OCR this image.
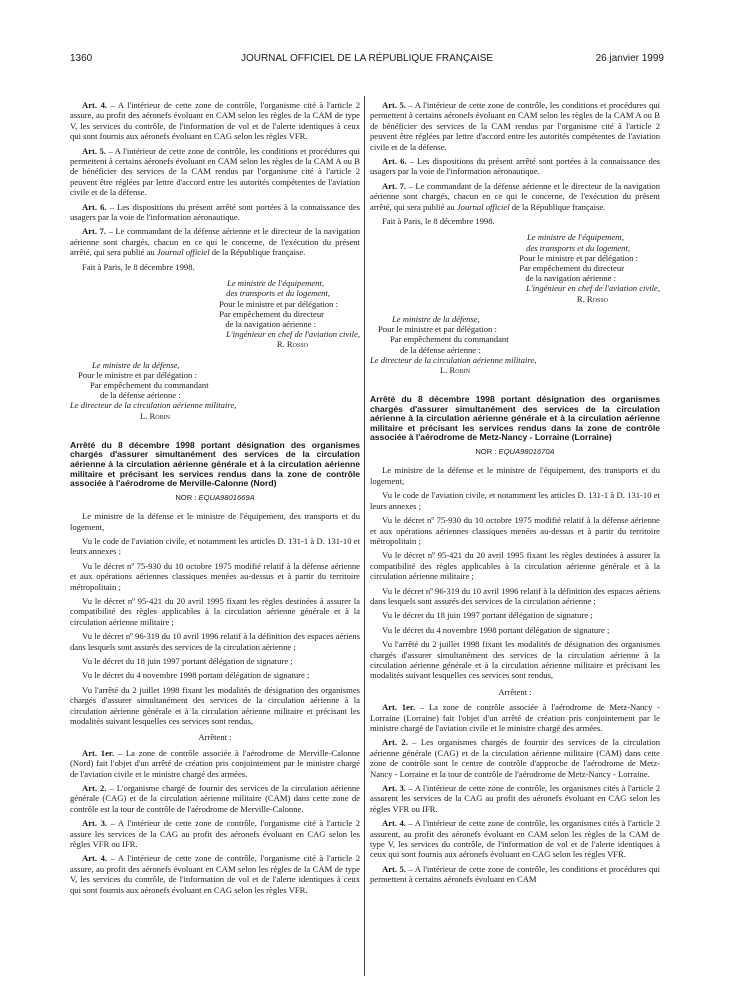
1360	JOURNAL OFFICIEL DE LA RÉPUBLIQUE FRANÇAISE	26 janvier 1999

Art. 4. – A l'intérieur de cette zone de contrôle, l'organisme cité à l'article 2 assure, au profit des aéronefs évoluant en CAM selon les règles de la CAM de type V, les services du contrôle, de l'information de vol et de l'alerte identiques à ceux qui sont fournis aux aéronefs évoluant en CAG selon les règles VFR.

Art. 5. – A l'intérieur de cette zone de contrôle, les conditions et procédures qui permettent à certains aéronefs évoluant en CAM selon les règles de la CAM A ou B de bénéficier des services de la CAM rendus par l'organisme cité à l'article 2 peuvent être réglées par lettre d'accord entre les autorités compétentes de l'aviation civile et de la défense.

Art. 6. – Les dispositions du présent arrêté sont portées à la connaissance des usagers par la voie de l'information aéronautique.

Art. 7. – Le commandant de la défense aérienne et le directeur de la navigation aérienne sont chargés, chacun en ce qui le concerne, de l'exécution du présent arrêté, qui sera publié au Journal officiel de la République française.

Fait à Paris, le 8 décembre 1998.

Le ministre de l'équipement,
des transports et du logement,
Pour le ministre et par délégation :
Par empêchement du directeur
de la navigation aérienne :
L'ingénieur en chef de l'aviation civile,
R. Rosso
Le ministre de la défense,
Pour le ministre et par délégation :
Par empêchement du commandant
de la défense aérienne :
Le directeur de la circulation aérienne militaire,
L. Robin
Arrêté du 8 décembre 1998 portant désignation des organismes chargés d'assurer simultanément des services de la circulation aérienne à la circulation aérienne générale et à la circulation aérienne militaire et précisant les services rendus dans la zone de contrôle associée à l'aérodrome de Merville-Calonne (Nord)
NOR : EQUA9801669A

Le ministre de la défense et le ministre de l'équipement, des transports et du logement,

Vu le code de l'aviation civile, et notamment les articles D. 131-1 à D. 131-10 et leurs annexes ;

Vu le décret nº 75-930 du 10 octobre 1975 modifié relatif à la défense aérienne et aux opérations aériennes classiques menées au-dessus et à partir du territoire métropolitain ;

Vu le décret nº 95-421 du 20 avril 1995 fixant les règles destinées à assurer la compatibilité des règles applicables à la circulation aérienne générale et à la circulation aérienne militaire ;

Vu le décret nº 96-319 du 10 avril 1996 relatif à la définition des espaces aériens dans lesquels sont assurés des services de la circulation aérienne ;

Vu le décret du 18 juin 1997 portant délégation de signature ;

Vu le décret du 4 novembre 1998 portant délégation de signature ;

Vu l'arrêté du 2 juillet 1998 fixant les modalités de désignation des organismes chargés d'assurer simultanément des services de la circulation aérienne à la circulation aérienne générale et à la circulation aérienne militaire et précisant les modalités suivant lesquelles ces services sont rendus,

Arrêtent :

Art. 1er. – La zone de contrôle associée à l'aérodrome de Merville-Calonne (Nord) fait l'objet d'un arrêté de création pris conjointement par le ministre chargé de l'aviation civile et le ministre chargé des armées.

Art. 2. – L'organisme chargé de fournir des services de la circulation aérienne générale (CAG) et de la circulation aérienne militaire (CAM) dans cette zone de contrôle est la tour de contrôle de l'aérodrome de Merville-Calonne.

Art. 3. – A l'intérieur de cette zone de contrôle, l'organisme cité à l'article 2 assure les services de la CAG au profit des aéronefs évoluant en CAG selon les règles VFR ou IFR.

Art. 4. – A l'intérieur de cette zone de contrôle, l'organisme cité à l'article 2 assure, au profit des aéronefs évoluant en CAM selon les règles de la CAM de type V, les services du contrôle, de l'information de vol et de l'alerte identiques à ceux qui sont fournis aux aéronefs évoluant en CAG selon les règles VFR.

Art. 5. – A l'intérieur de cette zone de contrôle, les conditions et procédures qui permettent à certains aéronefs évoluant en CAM selon les règles de la CAM A ou B de bénéficier des services de la CAM rendus par l'organisme cité à l'article 2 peuvent être réglées par lettre d'accord entre les autorités compétentes de l'aviation civile et de la défense.

Art. 6. – Les dispositions du présent arrêté sont portées à la connaissance des usagers par la voie de l'information aéronautique.

Art. 7. – Le commandant de la défense aérienne et le directeur de la navigation aérienne sont chargés, chacun en ce qui le concerne, de l'exécution du présent arrêté, qui sera publié au Journal officiel de la République française.

Fait à Paris, le 8 décembre 1998.

Le ministre de l'équipement,
des transports et du logement,
Pour le ministre et par délégation :
Par empêchement du directeur
de la navigation aérienne :
L'ingénieur en chef de l'aviation civile,
R. Rosso
Le ministre de la défense,
Pour le ministre et par délégation :
Par empêchement du commandant
de la défense aérienne :
Le directeur de la circulation aérienne militaire,
L. Robin
Arrêté du 8 décembre 1998 portant désignation des organismes chargés d'assurer simultanément des services de la circulation aérienne à la circulation aérienne générale et à la circulation aérienne militaire et précisant les services rendus dans la zone de contrôle associée à l'aérodrome de Metz-Nancy - Lorraine (Lorraine)
NOR : EQUA9801670A

Le ministre de la défense et le ministre de l'équipement, des transports et du logement,

Vu le code de l'aviation civile, et notamment les articles D. 131-1 à D. 131-10 et leurs annexes ;

Vu le décret nº 75-930 du 10 octobre 1975 modifié relatif à la défense aérienne et aux opérations aériennes classiques menées au-dessus et à partir du territoire métropolitain ;

Vu le décret nº 95-421 du 20 avril 1995 fixant les règles destinées à assurer la compatibilité des règles applicables à la circulation aérienne générale et à la circulation aérienne militaire ;

Vu le décret nº 96-319 du 10 avril 1996 relatif à la définition des espaces aériens dans lesquels sont assurés des services de la circulation aérienne ;

Vu le décret du 18 juin 1997 portant délégation de signature ;

Vu le décret du 4 novembre 1998 portant délégation de signature ;

Vu l'arrêté du 2 juillet 1998 fixant les modalités de désignation des organismes chargés d'assurer simultanément des services de la circulation aérienne à la circulation aérienne générale et à la circulation aérienne militaire et précisant les modalités suivant lesquelles ces services sont rendus,

Arrêtent :

Art. 1er. – La zone de contrôle associée à l'aérodrome de Metz-Nancy - Lorraine (Lorraine) fait l'objet d'un arrêté de création pris conjointement par le ministre chargé de l'aviation civile et le ministre chargé des armées.

Art. 2. – Les organismes chargés de fournir des services de la circulation aérienne générale (CAG) et de la circulation aérienne militaire (CAM) dans cette zone de contrôle sont le centre de contrôle d'approche de l'aérodrome de Metz-Nancy - Lorraine et la tour de contrôle de l'aérodrome de Metz-Nancy - Lorraine.

Art. 3. – A l'intérieur de cette zone de contrôle, les organismes cités à l'article 2 assurent les services de la CAG au profit des aéronefs évoluant en CAG selon les règles VFR ou IFR.

Art. 4. – A l'intérieur de cette zone de contrôle, les organismes cités à l'article 2 assurent, au profit des aéronefs évoluant en CAM selon les règles de la CAM de type V, les services du contrôle, de l'information de vol et de l'alerte identiques à ceux qui sont fournis aux aéronefs évoluant en CAG selon les règles VFR.

Art. 5. – A l'intérieur de cette zone de contrôle, les conditions et procédures qui permettent à certains aéronefs évoluant en CAM
